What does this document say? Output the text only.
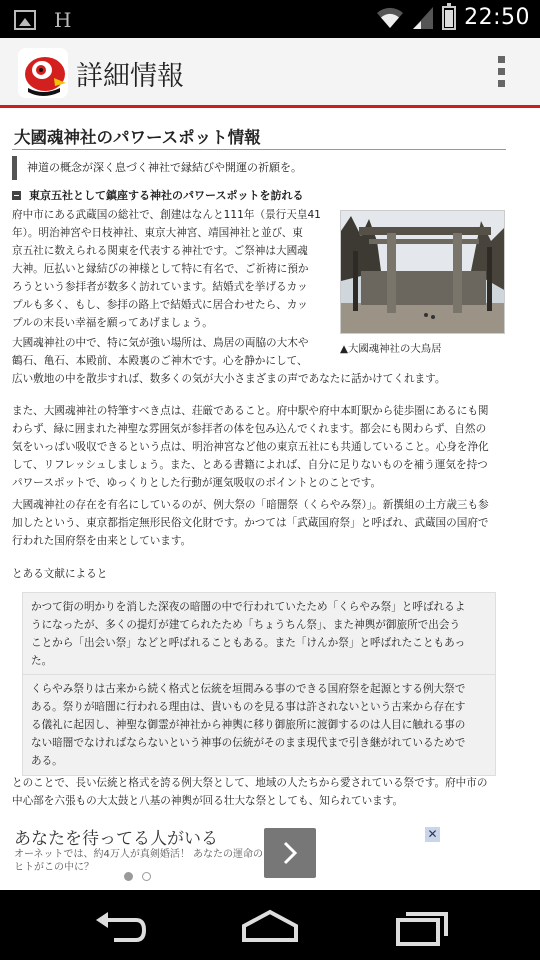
H	22:50
詳細情報
大國魂神社のパワースポット情報
神道の概念が深く息づく神社で縁結びや開運の祈願を。
東京五社として鎮座する神社のパワースポットを訪れる
府中市にある武蔵国の総社で、創建はなんと111年（景行天皇41
年）。明治神宮や日枝神社、東京大神宮、靖国神社と並び、東
京五社に数えられる関東を代表する神社です。ご祭神は大國魂
大神。厄払いと縁結びの神様として特に有名で、ご祈祷に預か
ろうという参拝者が数多く訪れています。結婚式を挙げるカッ
プルも多く、もし、参拝の路上で結婚式に居合わせたら、カッ
プルの末長い幸福を願ってあげましょう。
▲大國魂神社の大鳥居
大國魂神社の中で、特に気が強い場所は、鳥居の両脇の大木や
鶴石、亀石、本殿前、本殿裏のご神木です。心を静かにして、
広い敷地の中を散歩すれば、数多くの気が大小さまざまの声であなたに話かけてくれます。
また、大國魂神社の特筆すべき点は、荘厳であること。府中駅や府中本町駅から徒歩圏にあるにも関
わらず、緑に囲まれた神聖な雰囲気が参拝者の体を包み込んでくれます。都会にも関わらず、自然の
気をいっぱい吸収できるという点は、明治神宮など他の東京五社にも共通していること。心身を浄化
して、リフレッシュしましょう。また、とある書籍によれば、自分に足りないものを補う運気を持つ
パワースポットで、ゆっくりとした行動が運気吸収のポイントとのことです。
大國魂神社の存在を有名にしているのが、例大祭の「暗闇祭（くらやみ祭）」。新撰組の土方歳三も参
加したという、東京都指定無形民俗文化財です。かつては「武蔵国府祭」と呼ばれ、武蔵国の国府で
行われた国府祭を由来としています。
とある文献によると
かつて街の明かりを消した深夜の暗闇の中で行われていたため「くらやみ祭」と呼ばれるよ
うになったが、多くの提灯が建てられたため「ちょうちん祭」、また神輿が御旅所で出会う
ことから「出会い祭」などと呼ばれることもある。また「けんか祭」と呼ばれたこともあっ
た。
くらやみ祭りは古来から続く格式と伝統を垣間みる事のできる国府祭を起源とする例大祭で
ある。祭りが暗闇に行われる理由は、貴いものを見る事は許されないという古来から存在す
る儀礼に起因し、神聖な御霊が神社から神輿に移り御旅所に渡御するのは人目に触れる事の
ない暗闇でなければならないという神事の伝統がそのまま現代まで引き継がれているためで
ある。
とのことで、長い伝統と格式を誇る例大祭として、地域の人たちから愛されている祭です。府中市の
中心部を六張もの大太鼓と八基の神輿が回る壮大な祭としても、知られています。
あなたを待ってる人がいる
オーネットでは、約4万人が真剣婚活！ あなたの運命の
ヒトがこの中に？
✕
